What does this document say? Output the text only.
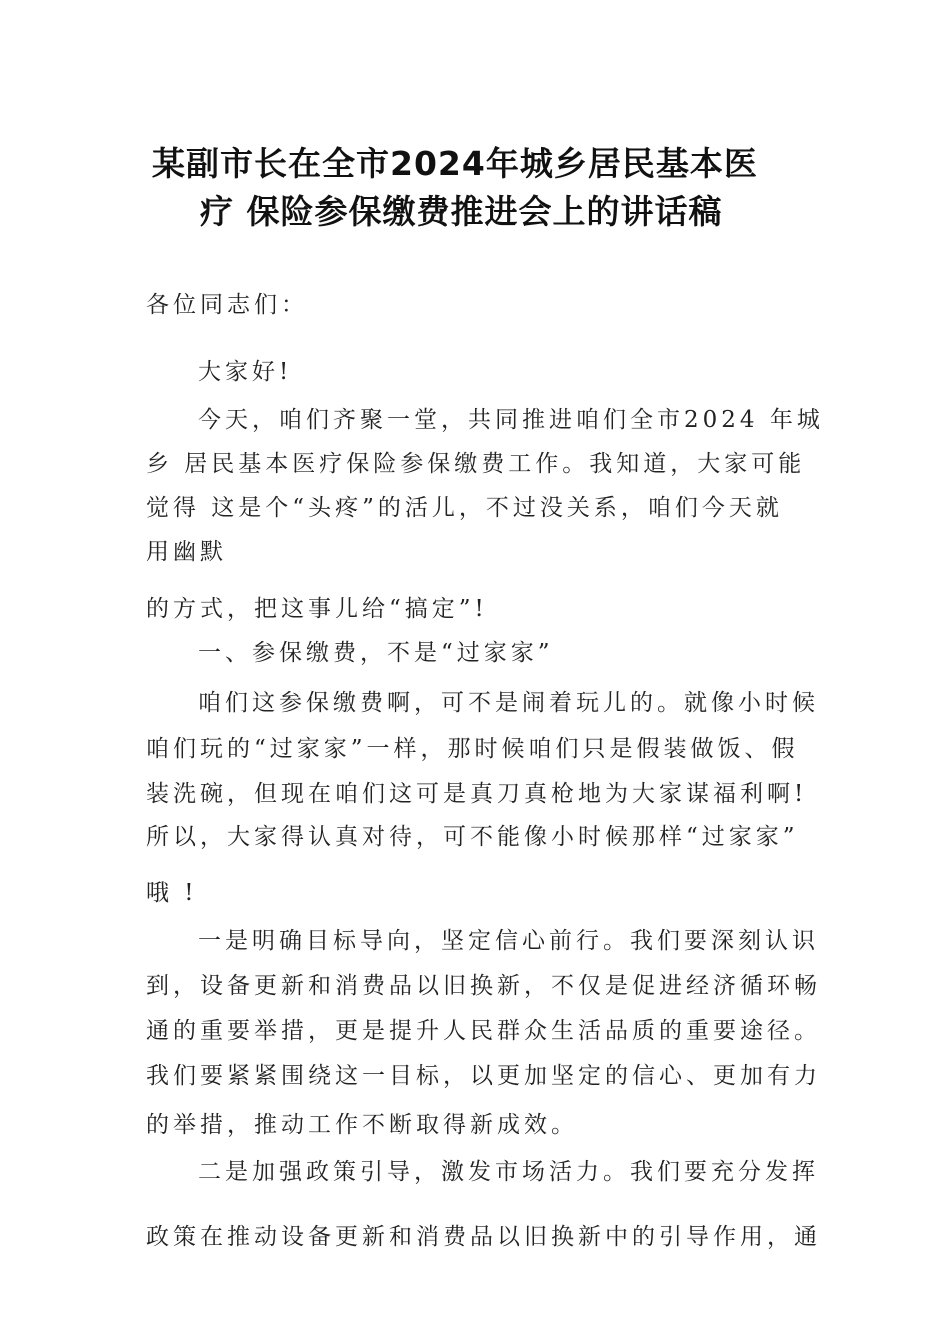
某副市长在全市2024年城乡居民基本医
疗 保险参保缴费推进会上的讲话稿
各位同志们：
大家好!
今天，咱们齐聚一堂，共同推进咱们全市2024 年城
乡 居民基本医疗保险参保缴费工作。我知道，大家可能
觉得 这是个“头疼”的活儿，不过没关系，咱们今天就
用幽默
的方式，把这事儿给“搞定”!
一、参保缴费，不是“过家家”
咱们这参保缴费啊，可不是闹着玩儿的。就像小时候
咱们玩的“过家家”一样，那时候咱们只是假装做饭、假
装洗碗，但现在咱们这可是真刀真枪地为大家谋福利啊!
所以，大家得认真对待，可不能像小时候那样“过家家”
哦 !
一是明确目标导向，坚定信心前行。我们要深刻认识
到，设备更新和消费品以旧换新，不仅是促进经济循环畅
通的重要举措，更是提升人民群众生活品质的重要途径。
我们要紧紧围绕这一目标，以更加坚定的信心、更加有力
的举措，推动工作不断取得新成效。
二是加强政策引导，激发市场活力。我们要充分发挥
政策在推动设备更新和消费品以旧换新中的引导作用，通
